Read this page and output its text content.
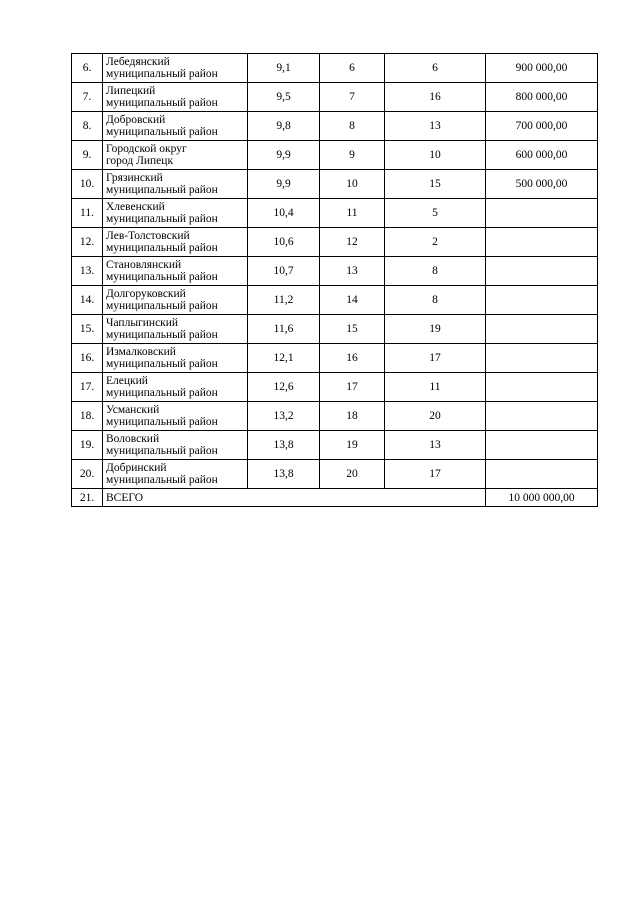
6.	Лебедянский
муниципальный район	9,1	6	6	900 000,00
7.	Липецкий
муниципальный район	9,5	7	16	800 000,00
8.	Добровский
муниципальный район	9,8	8	13	700 000,00
9.	Городской округ
город Липецк	9,9	9	10	600 000,00
10.	Грязинский
муниципальный район	9,9	10	15	500 000,00
11.	Хлевенский
муниципальный район	10,4	11	5	
12.	Лев-Толстовский
муниципальный район	10,6	12	2	
13.	Становлянский
муниципальный район	10,7	13	8	
14.	Долгоруковский
муниципальный район	11,2	14	8	
15.	Чаплыгинский
муниципальный район	11,6	15	19	
16.	Измалковский
муниципальный район	12,1	16	17	
17.	Елецкий
муниципальный район	12,6	17	11	
18.	Усманский
муниципальный район	13,2	18	20	
19.	Воловский
муниципальный район	13,8	19	13	
20.	Добринский
муниципальный район	13,8	20	17	
21.	ВСЕГО				10 000 000,00
